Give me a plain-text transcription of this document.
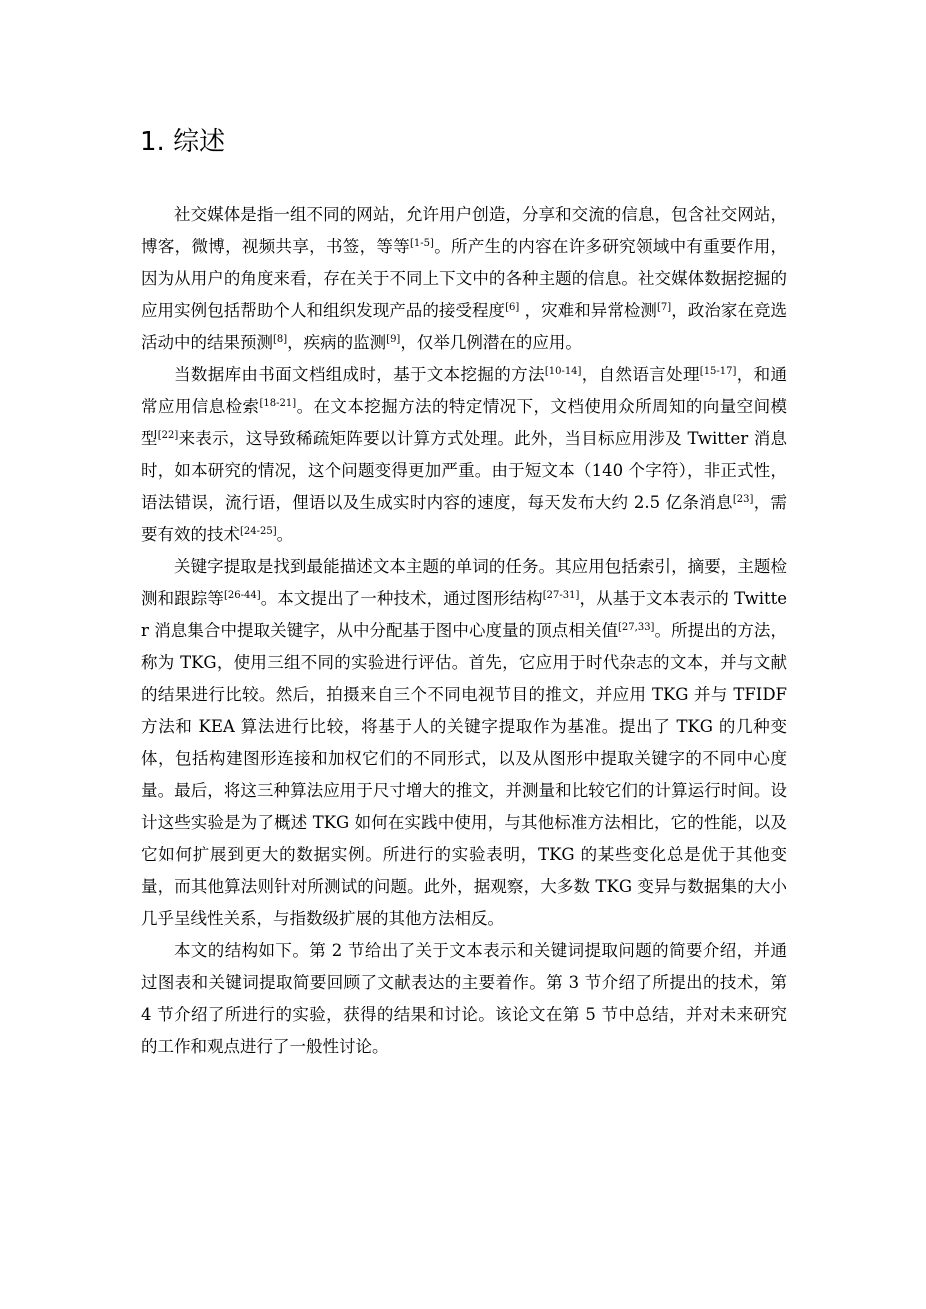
1. 综述

社交媒体是指一组不同的网站，允许用户创造，分享和交流的信息，包含社交网站，博客，微博，视频共享，书签，等等[1-5]。所产生的内容在许多研究领域中有重要作用，因为从用户的角度来看，存在关于不同上下文中的各种主题的信息。社交媒体数据挖掘的应用实例包括帮助个人和组织发现产品的接受程度[6] ，灾难和异常检测[7]，政治家在竞选活动中的结果预测[8]，疾病的监测[9]，仅举几例潜在的应用。

当数据库由书面文档组成时，基于文本挖掘的方法[10-14]，自然语言处理[15-17]，和通常应用信息检索[18-21]。在文本挖掘方法的特定情况下，文档使用众所周知的向量空间模型[22]来表示，这导致稀疏矩阵要以计算方式处理。此外，当目标应用涉及 Twitter 消息时，如本研究的情况，这个问题变得更加严重。由于短文本（140 个字符），非正式性，语法错误，流行语，俚语以及生成实时内容的速度，每天发布大约 2.5 亿条消息[23]，需要有效的技术[24-25]。

关键字提取是找到最能描述文本主题的单词的任务。其应用包括索引，摘要，主题检测和跟踪等[26-44]。本文提出了一种技术，通过图形结构[27-31]，从基于文本表示的 Twitter 消息集合中提取关键字，从中分配基于图中心度量的顶点相关值[27,33]。所提出的方法，称为 TKG，使用三组不同的实验进行评估。首先，它应用于时代杂志的文本，并与文献的结果进行比较。然后，拍摄来自三个不同电视节目的推文，并应用 TKG 并与 TFIDF 方法和 KEA 算法进行比较，将基于人的关键字提取作为基准。提出了 TKG 的几种变体，包括构建图形连接和加权它们的不同形式，以及从图形中提取关键字的不同中心度量。最后，将这三种算法应用于尺寸增大的推文，并测量和比较它们的计算运行时间。设计这些实验是为了概述 TKG 如何在实践中使用，与其他标准方法相比，它的性能，以及它如何扩展到更大的数据实例。所进行的实验表明，TKG 的某些变化总是优于其他变量，而其他算法则针对所测试的问题。此外，据观察，大多数 TKG 变异与数据集的大小几乎呈线性关系，与指数级扩展的其他方法相反。

本文的结构如下。第 2 节给出了关于文本表示和关键词提取问题的简要介绍，并通过图表和关键词提取简要回顾了文献表达的主要着作。第 3 节介绍了所提出的技术，第 4 节介绍了所进行的实验，获得的结果和讨论。该论文在第 5 节中总结，并对未来研究的工作和观点进行了一般性讨论。
